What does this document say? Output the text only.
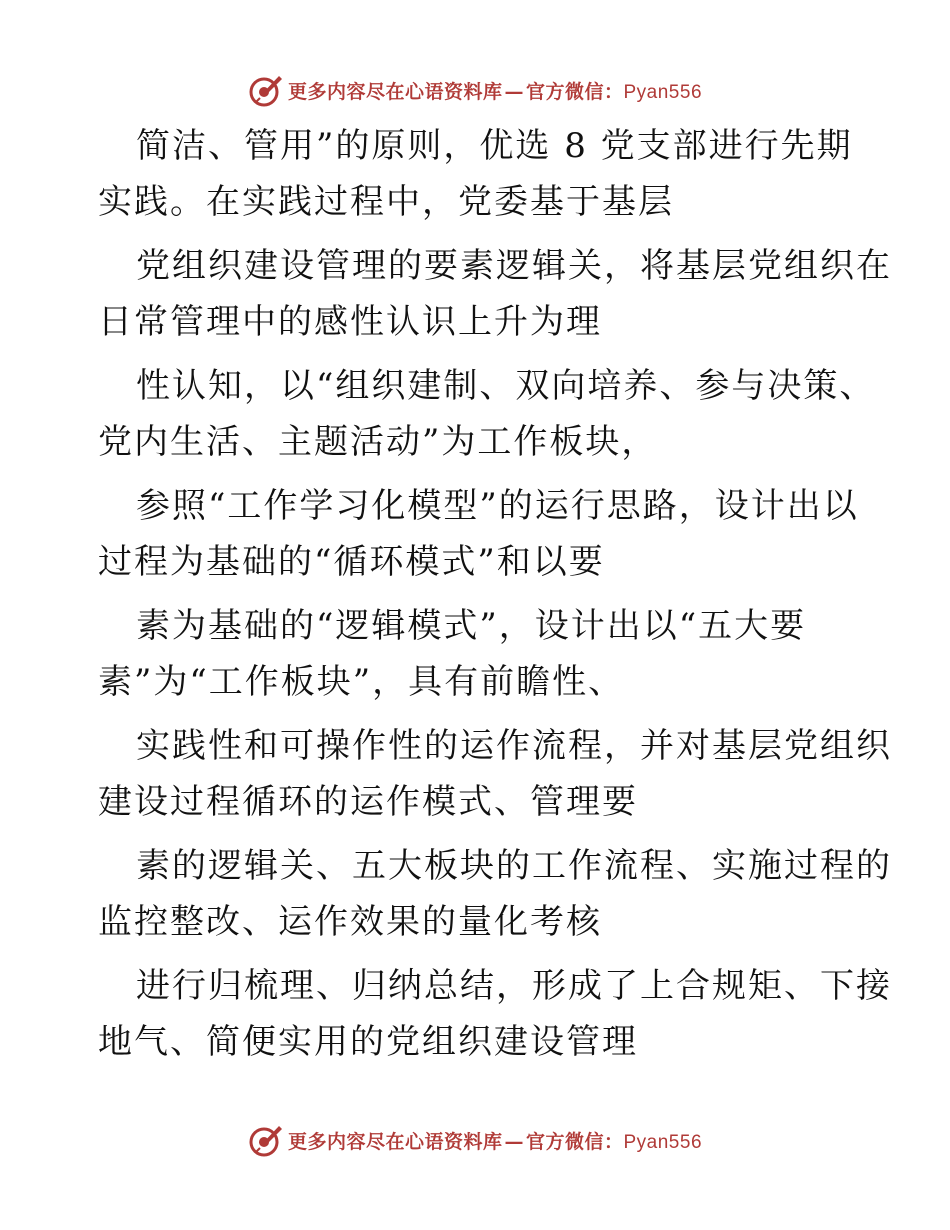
更多内容尽在心语资料库 — 官方微信：Pyan556
简洁、管用”的原则，优选 8 党支部进行先期
实践。在实践过程中，党委基于基层
党组织建设管理的要素逻辑关，将基层党组织在
日常管理中的感性认识上升为理
性认知，以“组织建制、双向培养、参与决策、
党内生活、主题活动”为工作板块，
参照“工作学习化模型”的运行思路，设计出以
过程为基础的“循环模式”和以要
素为基础的“逻辑模式”，设计出以“五大要
素”为“工作板块”，具有前瞻性、
实践性和可操作性的运作流程，并对基层党组织
建设过程循环的运作模式、管理要
素的逻辑关、五大板块的工作流程、实施过程的
监控整改、运作效果的量化考核
进行归梳理、归纳总结，形成了上合规矩、下接
地气、简便实用的党组织建设管理
更多内容尽在心语资料库 — 官方微信：Pyan556
